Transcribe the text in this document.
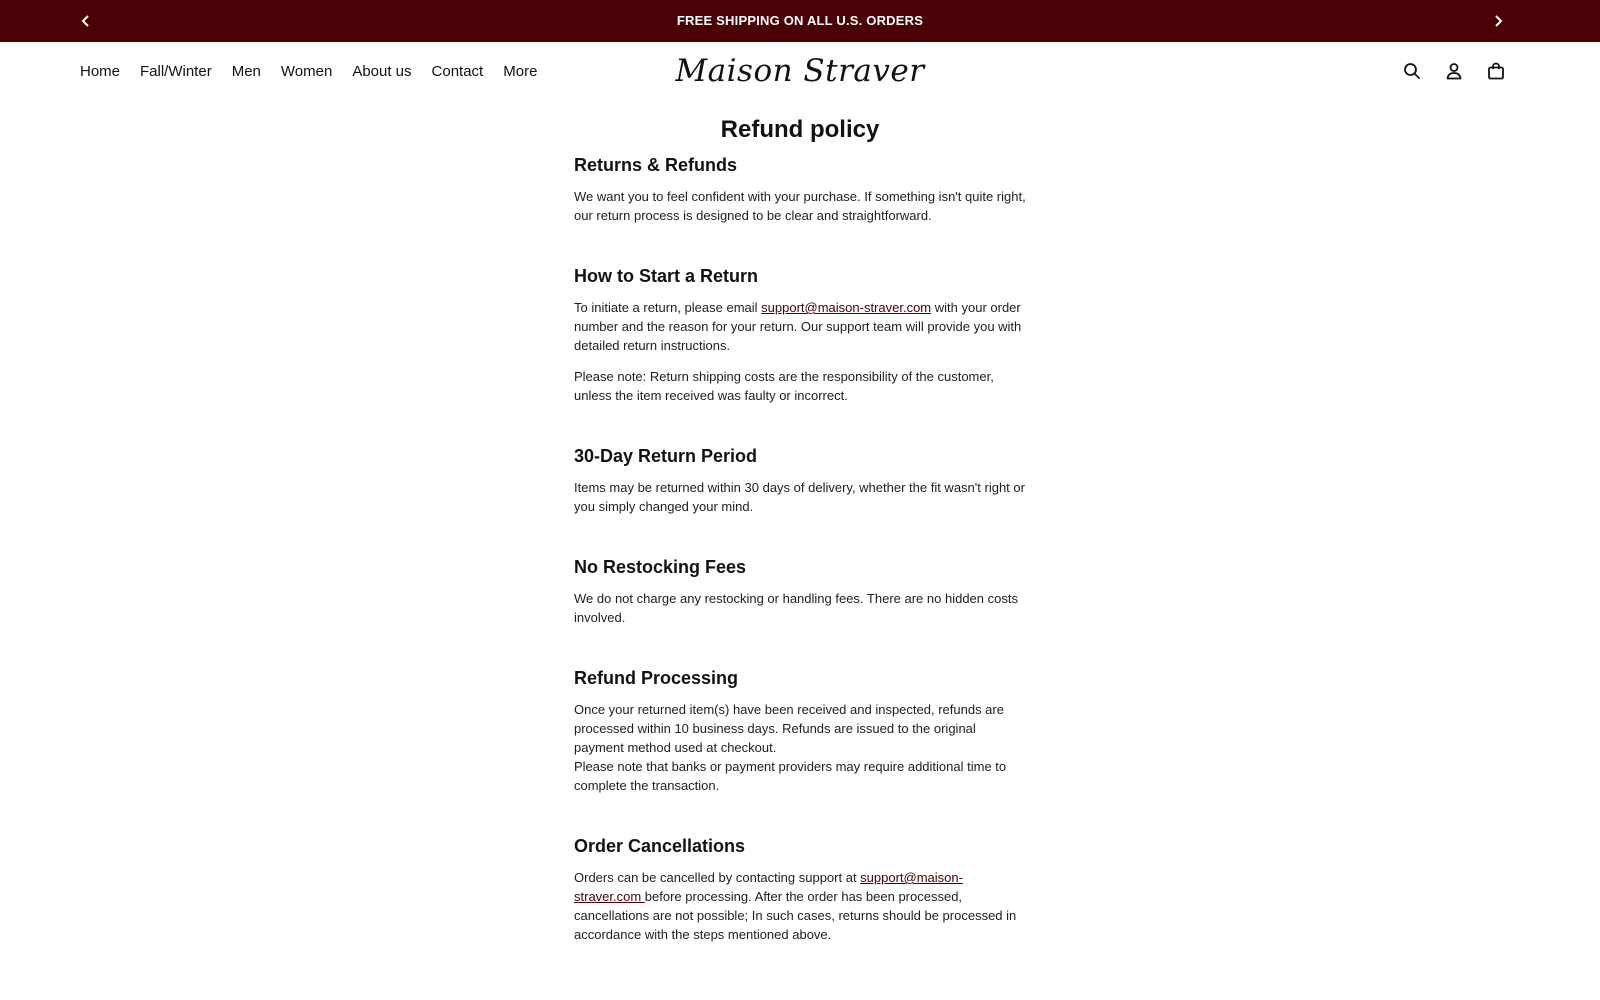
FREE SHIPPING ON ALL U.S. ORDERS
Home Fall/Winter Men Women About us Contact More	Maison Straver
Refund policy
Returns & Refunds

We want you to feel confident with your purchase. If something isn't quite right, our return process is designed to be clear and straightforward.

How to Start a Return

To initiate a return, please email support@maison-straver.com with your order number and the reason for your return. Our support team will provide you with detailed return instructions.

Please note: Return shipping costs are the responsibility of the customer, unless the item received was faulty or incorrect.

30-Day Return Period

Items may be returned within 30 days of delivery, whether the fit wasn't right or you simply changed your mind.

No Restocking Fees

We do not charge any restocking or handling fees. There are no hidden costs involved.

Refund Processing

Once your returned item(s) have been received and inspected, refunds are processed within 10 business days. Refunds are issued to the original payment method used at checkout.

Please note that banks or payment providers may require additional time to complete the transaction.

Order Cancellations

Orders can be cancelled by contacting support at support@maison-straver.com before processing. After the order has been processed, cancellations are not possible; In such cases, returns should be processed in accordance with the steps mentioned above.
